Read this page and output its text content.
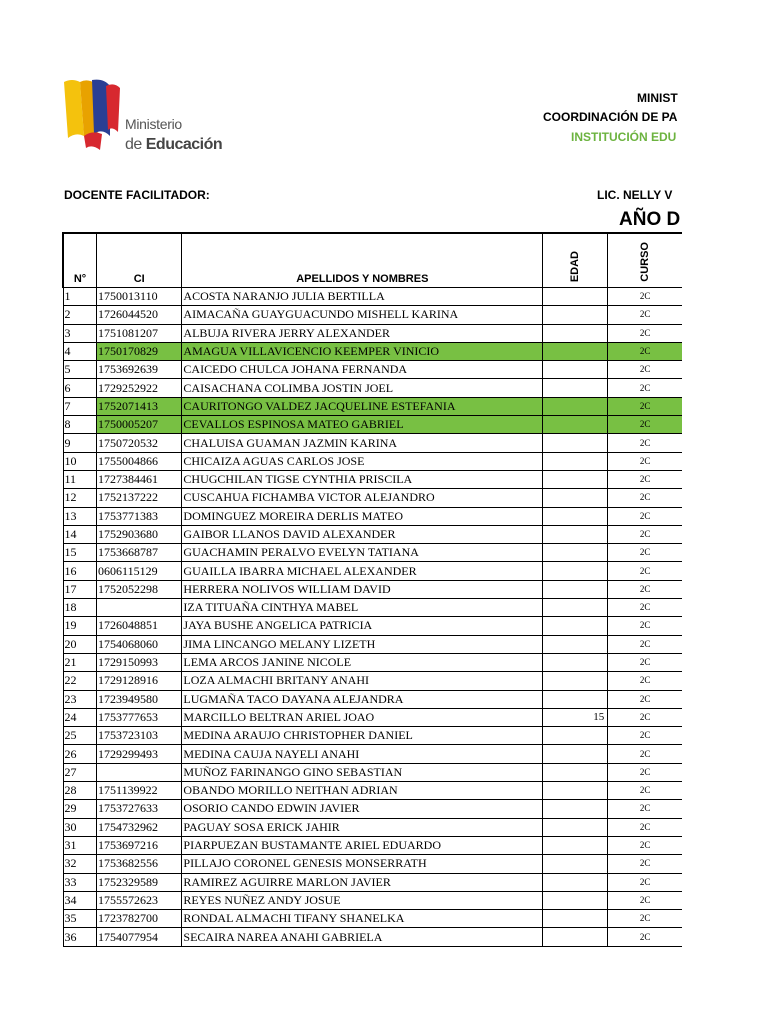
Ministerio
de Educación
MINIST
COORDINACIÓN DE PA
INSTITUCIÓN EDU
DOCENTE FACILITADOR:	LIC. NELLY V
AÑO D
N°	CI	APELLIDOS Y NOMBRES	EDAD	CURSO
1	1750013110	ACOSTA NARANJO JULIA BERTILLA		2C
2	1726044520	AIMACAÑA GUAYGUACUNDO MISHELL KARINA		2C
3	1751081207	ALBUJA RIVERA JERRY ALEXANDER		2C
4	1750170829	AMAGUA VILLAVICENCIO KEEMPER VINICIO		2C
5	1753692639	CAICEDO CHULCA JOHANA FERNANDA		2C
6	1729252922	CAISACHANA COLIMBA JOSTIN JOEL		2C
7	1752071413	CAURITONGO VALDEZ JACQUELINE ESTEFANIA		2C
8	1750005207	CEVALLOS ESPINOSA MATEO GABRIEL		2C
9	1750720532	CHALUISA GUAMAN JAZMIN KARINA		2C
10	1755004866	CHICAIZA AGUAS CARLOS JOSE		2C
11	1727384461	CHUGCHILAN TIGSE CYNTHIA PRISCILA		2C
12	1752137222	CUSCAHUA FICHAMBA VICTOR ALEJANDRO		2C
13	1753771383	DOMINGUEZ MOREIRA DERLIS MATEO		2C
14	1752903680	GAIBOR LLANOS DAVID ALEXANDER		2C
15	1753668787	GUACHAMIN PERALVO EVELYN TATIANA		2C
16	0606115129	GUAILLA IBARRA MICHAEL ALEXANDER		2C
17	1752052298	HERRERA NOLIVOS WILLIAM DAVID		2C
18		IZA TITUAÑA CINTHYA MABEL		2C
19	1726048851	JAYA BUSHE ANGELICA PATRICIA		2C
20	1754068060	JIMA LINCANGO MELANY LIZETH		2C
21	1729150993	LEMA ARCOS JANINE NICOLE		2C
22	1729128916	LOZA ALMACHI BRITANY ANAHI		2C
23	1723949580	LUGMAÑA TACO DAYANA ALEJANDRA		2C
24	1753777653	MARCILLO BELTRAN ARIEL JOAO	15	2C
25	1753723103	MEDINA ARAUJO CHRISTOPHER DANIEL		2C
26	1729299493	MEDINA CAUJA NAYELI ANAHI		2C
27		MUÑOZ FARINANGO GINO SEBASTIAN		2C
28	1751139922	OBANDO MORILLO NEITHAN ADRIAN		2C
29	1753727633	OSORIO CANDO EDWIN JAVIER		2C
30	1754732962	PAGUAY SOSA ERICK JAHIR		2C
31	1753697216	PIARPUEZAN BUSTAMANTE ARIEL EDUARDO		2C
32	1753682556	PILLAJO CORONEL GENESIS MONSERRATH		2C
33	1752329589	RAMIREZ AGUIRRE MARLON JAVIER		2C
34	1755572623	REYES NUÑEZ ANDY JOSUE		2C
35	1723782700	RONDAL ALMACHI TIFANY SHANELKA		2C
36	1754077954	SECAIRA NAREA ANAHI GABRIELA		2C
